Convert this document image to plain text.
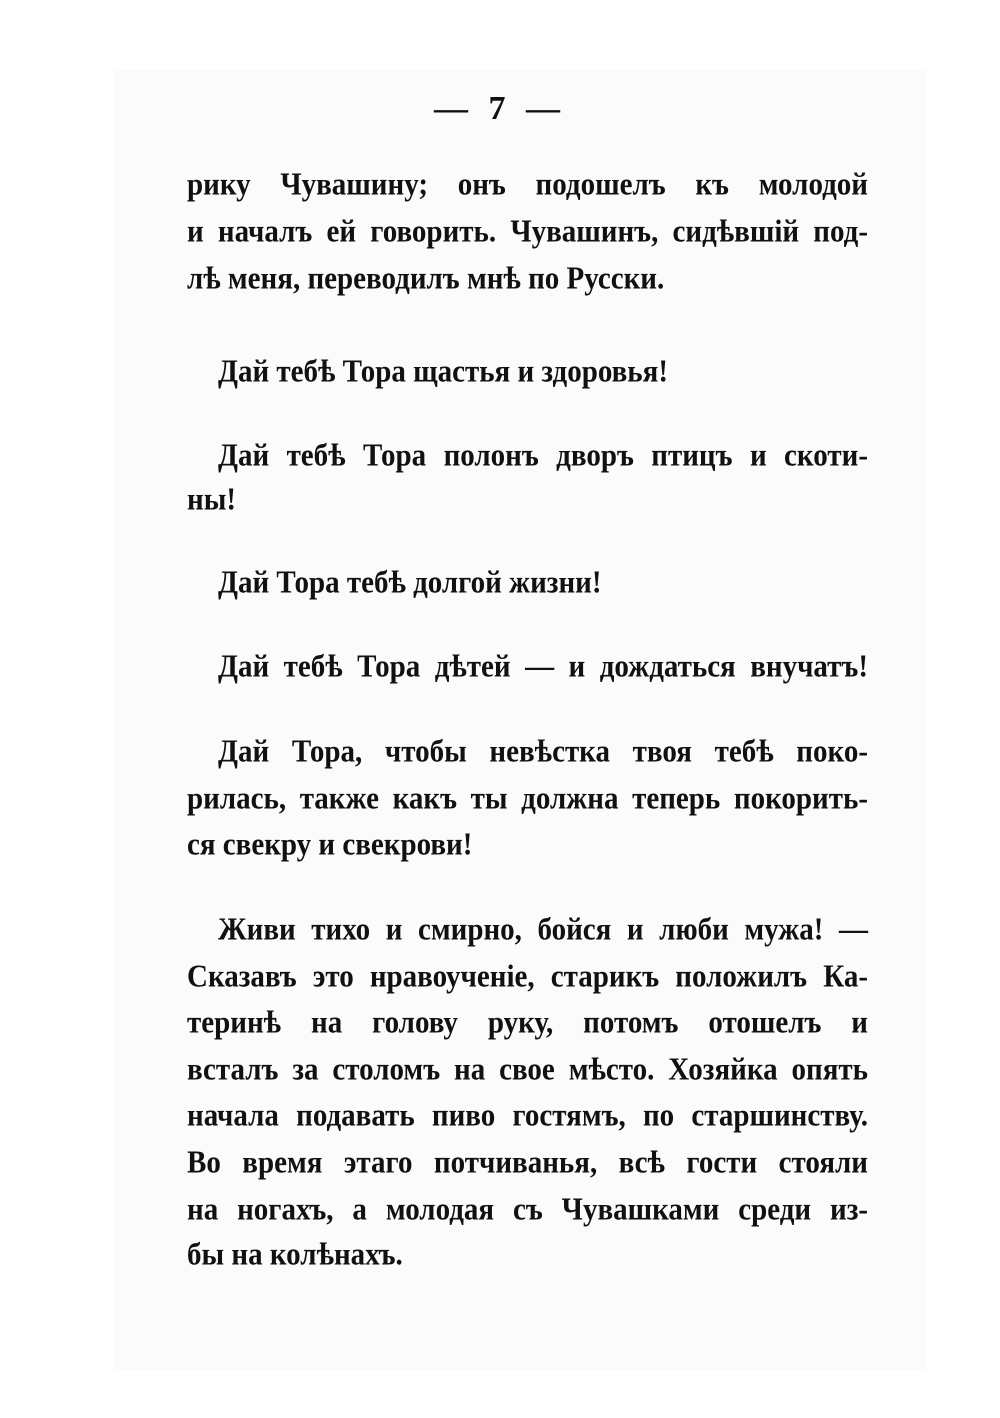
— 7 —
рику Чувашину; онъ подошелъ къ молодой
и началъ ей говорить. Чувашинъ, сидѣвшій под-
лѣ меня, переводилъ мнѣ по Русски.
Дай тебѣ Тора щастья и здоровья!
Дай тебѣ Тора полонъ дворъ птицъ и скоти-
ны!
Дай Тора тебѣ долгой жизни!
Дай тебѣ Тора дѣтей — и дождаться внучатъ!
Дай Тора, чтобы невѣстка твоя тебѣ поко-
рилась, также какъ ты должна теперь покорить-
ся свекру и свекрови!
Живи тихо и смирно, бойся и люби мужа! —
Сказавъ это нравоученіе, старикъ положилъ Ка-
теринѣ на голову руку, потомъ отошелъ и
всталъ за столомъ на свое мѣсто. Хозяйка опять
начала подавать пиво гостямъ, по старшинству.
Во время этаго потчиванья, всѣ гости стояли
на ногахъ, а молодая съ Чувашками среди из-
бы на колѣнахъ.
